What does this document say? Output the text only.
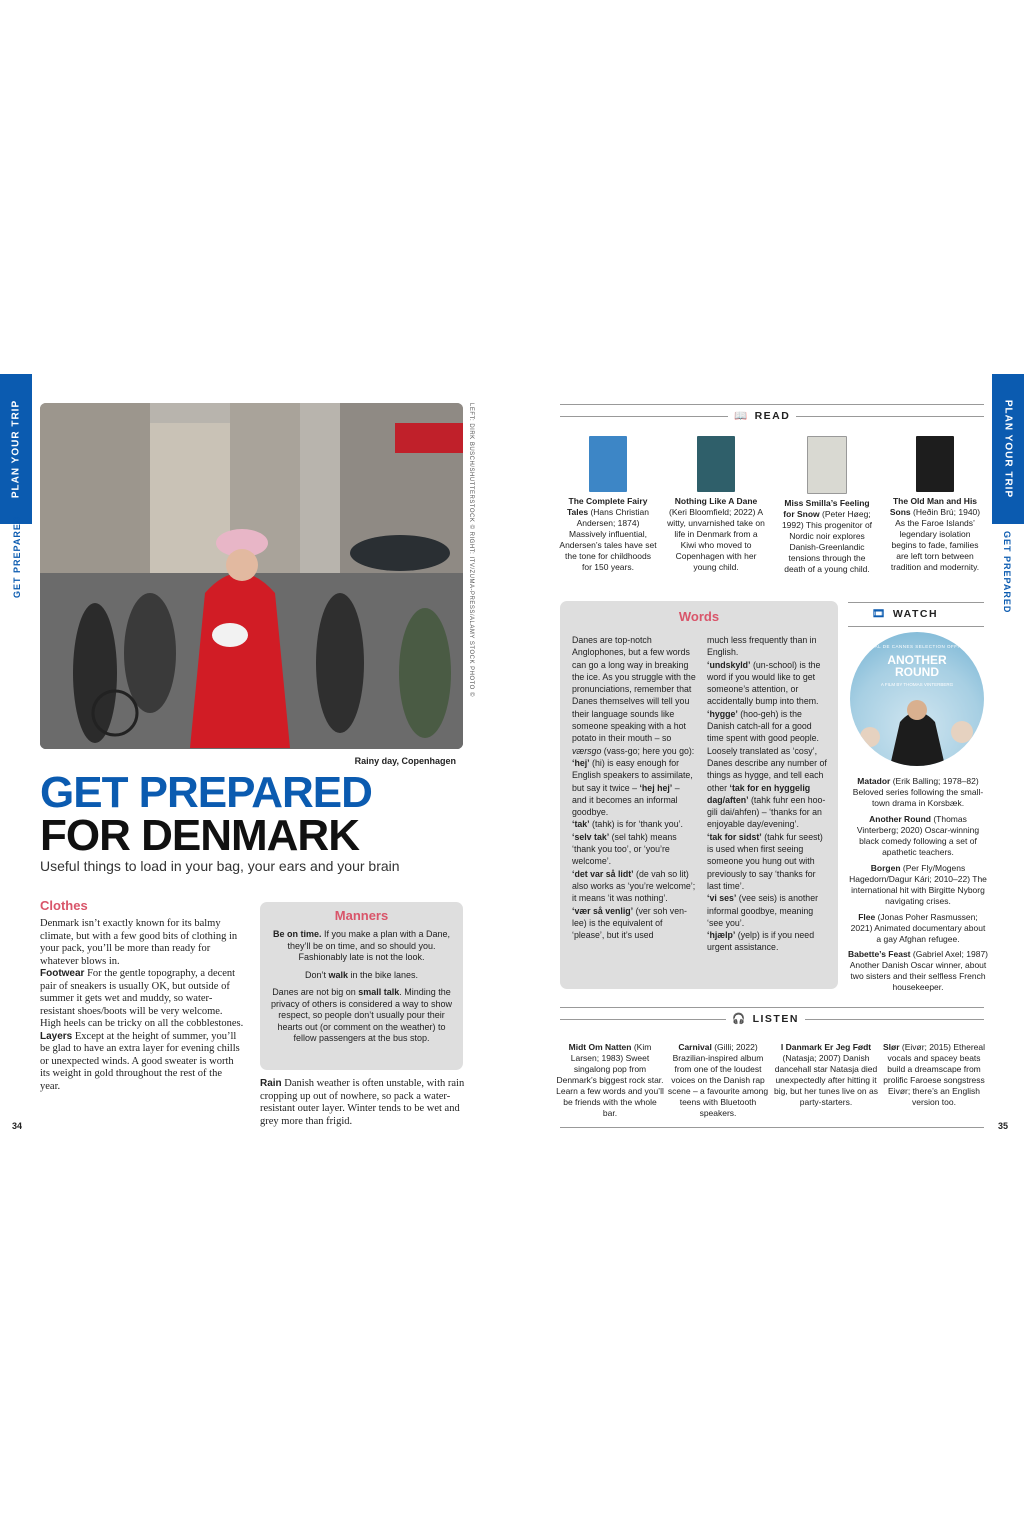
PLAN YOUR TRIP
GET PREPARED	LEFT: DIRK BUSCH/SHUTTERSTOCK © RIGHT: ITV/ZUMA-PRESS/ALAMY STOCK PHOTO ©
Rainy day, Copenhagen
GET PREPARED
FOR DENMARK
Useful things to load in your bag, your ears and your brain
Clothes
Denmark isn’t exactly known for its balmy climate, but with a few good bits of clothing in your pack, you’ll be more than ready for whatever blows in.
Footwear For the gentle topography, a decent pair of sneakers is usually OK, but outside of summer it gets wet and muddy, so water-resistant shoes/boots will be very welcome. High heels can be tricky on all the cobblestones.
Layers Except at the height of summer, you’ll be glad to have an extra layer for evening chills or unexpected winds. A good sweater is worth its weight in gold throughout the rest of the year.
Manners

Be on time. If you make a plan with a Dane, they’ll be on time, and so should you. Fashionably late is not the look.

Don’t walk in the bike lanes.

Danes are not big on small talk. Minding the privacy of others is considered a way to show respect, so people don’t usually pour their hearts out (or comment on the weather) to fellow passengers at the bus stop.

Rain Danish weather is often unstable, with rain cropping up out of nowhere, so pack a water-resistant outer layer. Winter tends to be wet and grey more than frigid.
34
PLAN YOUR TRIP
GET PREPARED
📖 READ
The Complete Fairy Tales (Hans Christian Andersen; 1874) Massively influential, Andersen’s tales have set the tone for childhoods for 150 years.
Nothing Like A Dane (Keri Bloomfield; 2022) A witty, unvarnished take on life in Denmark from a Kiwi who moved to Copenhagen with her young child.
Miss Smilla’s Feeling for Snow (Peter Høeg; 1992) This progenitor of Nordic noir explores Danish-Greenlandic tensions through the death of a young child.
The Old Man and His Sons (Heðin Brú; 1940) As the Faroe Islands’ legendary isolation begins to fade, families are left torn between tradition and modernity.
Words
Danes are top-notch Anglophones, but a few words can go a long way in breaking the ice. As you struggle with the pronunciations, remember that Danes themselves will tell you their language sounds like someone speaking with a hot potato in their mouth – so værsgo (vass-go; here you go):
‘hej’ (hi) is easy enough for English speakers to assimilate, but say it twice – ‘hej hej’ – and it becomes an informal goodbye.
‘tak’ (tahk) is for ‘thank you’.
‘selv tak’ (sel tahk) means ‘thank you too’, or ‘you’re welcome’.
‘det var så lidt’ (de vah so lit) also works as ‘you’re welcome’; it means ‘it was nothing’.
‘vær så venlig’ (ver soh ven-lee) is the equivalent of ‘please’, but it’s used
much less frequently than in English.
‘undskyld’ (un-school) is the word if you would like to get someone’s attention, or accidentally bump into them.
‘hygge’ (hoo-geh) is the Danish catch-all for a good time spent with good people. Loosely translated as ‘cosy’, Danes describe any number of things as hygge, and tell each other ‘tak for en hyggelig dag/aften’ (tahk fuhr een hoo-gili dai/ahfen) – ‘thanks for an enjoyable day/evening’.
‘tak for sidst’ (tahk fur seest) is used when first seeing someone you hung out with previously to say ‘thanks for last time’.
‘vi ses’ (vee seis) is another informal goodbye, meaning ‘see you’.
‘hjælp’ (yelp) is if you need urgent assistance.
🎞 WATCH
FESTIVAL DE CANNES SELECTION OFFICIELLE
ANOTHER
ROUND
A FILM BY THOMAS VINTERBERG
Matador (Erik Balling; 1978–82) Beloved series following the small-town drama in Korsbæk.
Another Round (Thomas Vinterberg; 2020) Oscar-winning black comedy following a set of apathetic teachers.
Borgen (Per Fly/Mogens Hagedorn/Dagur Kári; 2010–22) The international hit with Birgitte Nyborg navigating crises.
Flee (Jonas Poher Rasmussen; 2021) Animated documentary about a gay Afghan refugee.
Babette’s Feast (Gabriel Axel; 1987) Another Danish Oscar winner, about two sisters and their selfless French housekeeper.
🎧 LISTEN
Midt Om Natten (Kim Larsen; 1983) Sweet singalong pop from Denmark’s biggest rock star. Learn a few words and you’ll be friends with the whole bar.
Carnival (Gilli; 2022) Brazilian-inspired album from one of the loudest voices on the Danish rap scene – a favourite among teens with Bluetooth speakers.
I Danmark Er Jeg Født (Natasja; 2007) Danish dancehall star Natasja died unexpectedly after hitting it big, but her tunes live on as party-starters.
Slør (Eivør; 2015) Ethereal vocals and spacey beats build a dreamscape from prolific Faroese songstress Eivør; there’s an English version too.
35
